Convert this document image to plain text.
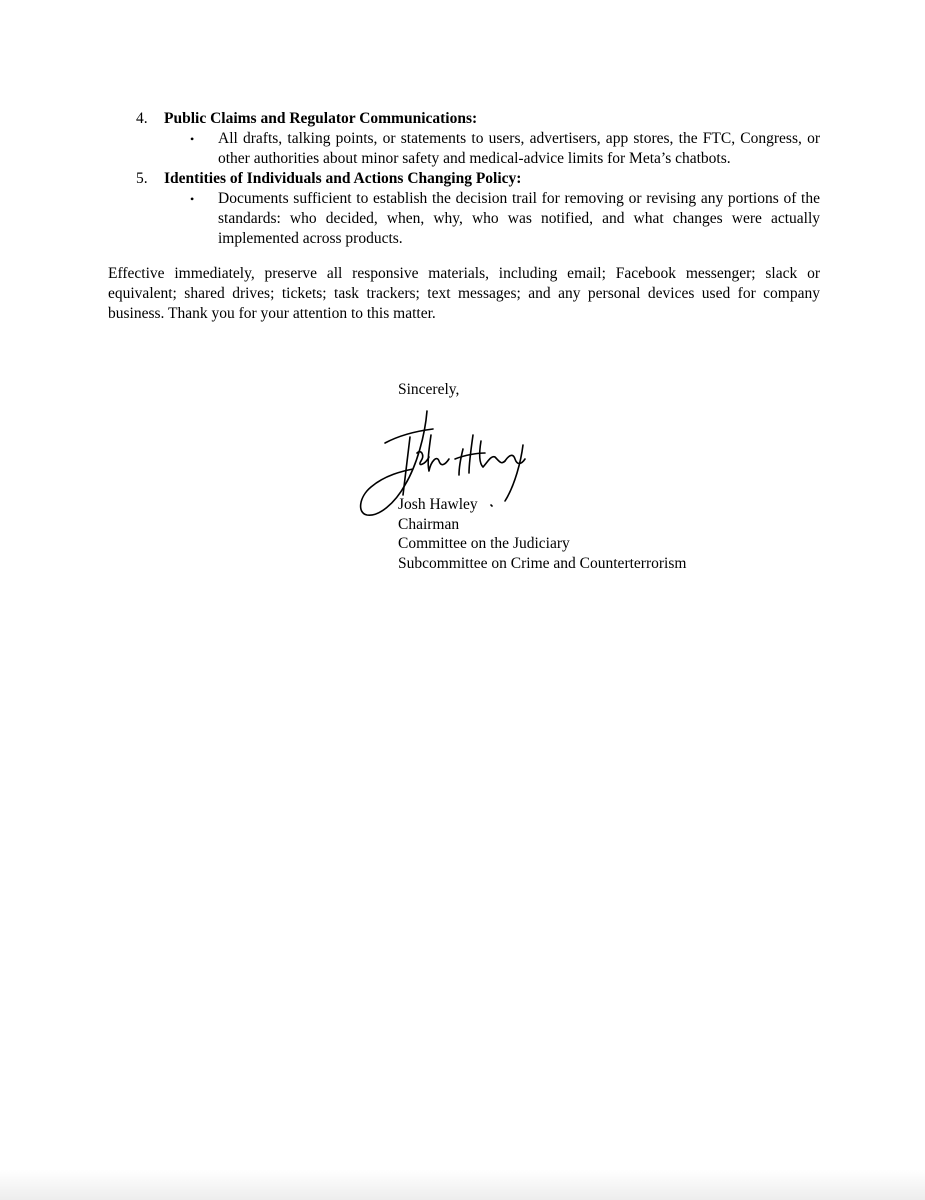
4.	Public Claims and Regulator Communications:
•	All drafts, talking points, or statements to users, advertisers, app stores, the FTC, Congress, or other authorities about minor safety and medical-advice limits for Meta’s chatbots.
5.	Identities of Individuals and Actions Changing Policy:
•	Documents sufficient to establish the decision trail for removing or revising any portions of the standards: who decided, when, why, who was notified, and what changes were actually implemented across products.
Effective immediately, preserve all responsive materials, including email; Facebook messenger; slack or equivalent; shared drives; tickets; task trackers; text messages; and any personal devices used for company business. Thank you for your attention to this matter.
Sincerely,
Josh Hawley
Chairman
Committee on the Judiciary
Subcommittee on Crime and Counterterrorism
